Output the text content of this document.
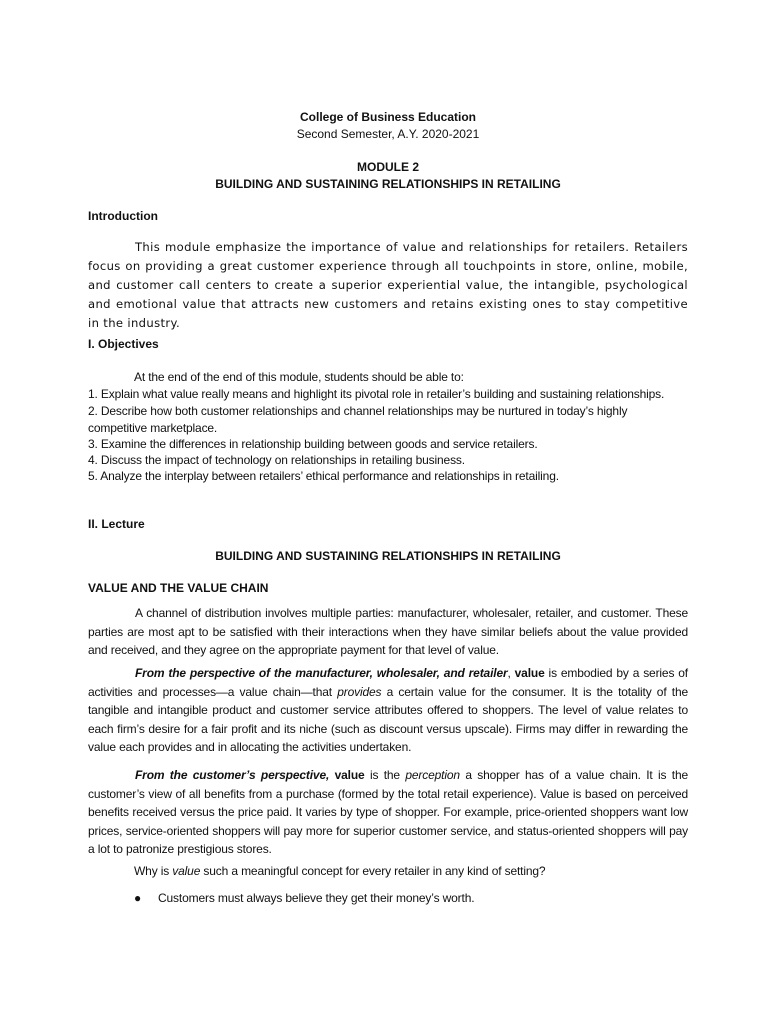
College of Business Education
Second Semester, A.Y. 2020-2021
MODULE 2
BUILDING AND SUSTAINING RELATIONSHIPS IN RETAILING
Introduction
This module emphasize the importance of value and relationships for retailers. Retailers focus on providing a great customer experience through all touchpoints in store, online, mobile, and customer call centers to create a superior experiential value, the intangible, psychological and emotional value that attracts new customers and retains existing ones to stay competitive in the industry.
I. Objectives
At the end of the end of this module, students should be able to:
1. Explain what value really means and highlight its pivotal role in retailer’s building and sustaining relationships.
2. Describe how both customer relationships and channel relationships may be nurtured in today’s highly competitive marketplace.
3. Examine the differences in relationship building between goods and service retailers.
4. Discuss the impact of technology on relationships in retailing business.
5. Analyze the interplay between retailers’ ethical performance and relationships in retailing.
II. Lecture
BUILDING AND SUSTAINING RELATIONSHIPS IN RETAILING
VALUE AND THE VALUE CHAIN
A channel of distribution involves multiple parties: manufacturer, wholesaler, retailer, and customer. These parties are most apt to be satisfied with their interactions when they have similar beliefs about the value provided and received, and they agree on the appropriate payment for that level of value.
From the perspective of the manufacturer, wholesaler, and retailer, value is embodied by a series of activities and processes—a value chain—that provides a certain value for the consumer. It is the totality of the tangible and intangible product and customer service attributes offered to shoppers. The level of value relates to each firm’s desire for a fair profit and its niche (such as discount versus upscale). Firms may differ in rewarding the value each provides and in allocating the activities undertaken.
From the customer’s perspective, value is the perception a shopper has of a value chain. It is the customer’s view of all benefits from a purchase (formed by the total retail experience). Value is based on perceived benefits received versus the price paid. It varies by type of shopper. For example, price-oriented shoppers want low prices, service-oriented shoppers will pay more for superior customer service, and status-oriented shoppers will pay a lot to patronize prestigious stores.
Why is value such a meaningful concept for every retailer in any kind of setting?
● Customers must always believe they get their money’s worth.
